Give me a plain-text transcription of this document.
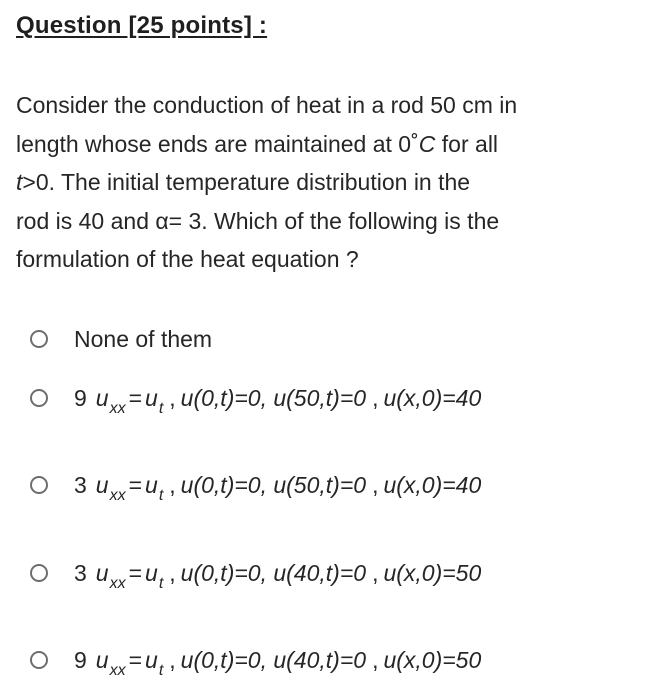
Question [25 points] :
Consider the conduction of heat in a rod 50 cm in
length whose ends are maintained at 0˚C for all
t>0. The initial temperature distribution in the
rod is 40 and α= 3. Which of the following is the
formulation of the heat equation ?
None of them
9 u xx = u t , u(0,t)=0,
u(50,t)=0 , u(x,0)=40
3 u xx = u t , u(0,t)=0,
u(50,t)=0 , u(x,0)=40
3 u xx = u t , u(0,t)=0,
u(40,t)=0 , u(x,0)=50
9 u xx = u t , u(0,t)=0,
u(40,t)=0 , u(x,0)=50
